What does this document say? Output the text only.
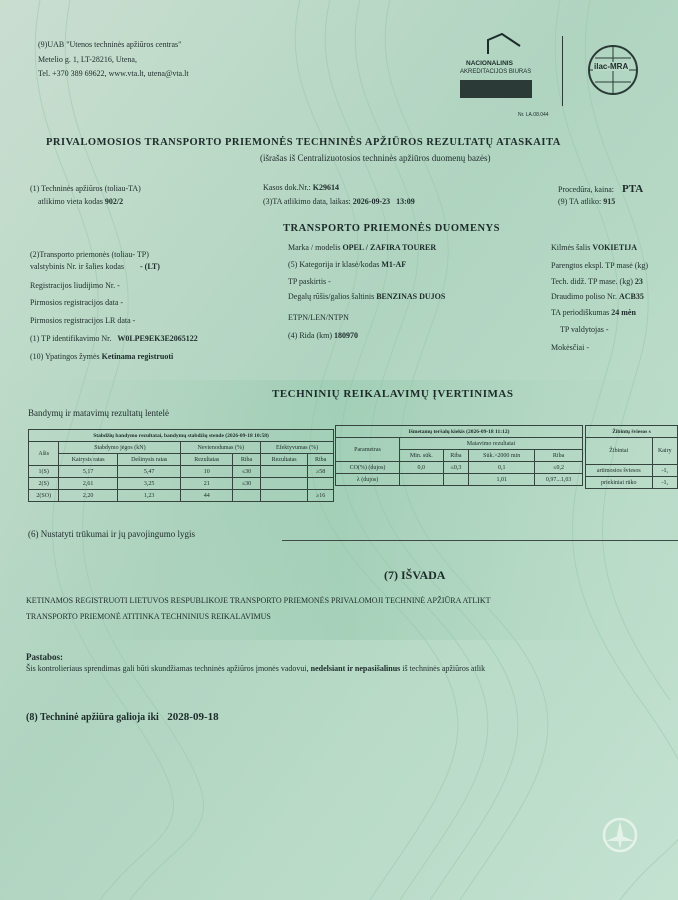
(9)UAB "Utenos techninės apžiūros centras"
Metelio g. 1, LT-28216, Utena,
Tel. +370 389 69622, www.vta.lt, utena@vta.lt
NACIONALINIS
AKREDITACIJOS BIURAS
Nr. LA.08.044
ilac-MRA
PRIVALOMOSIOS TRANSPORTO PRIEMONĖS TECHNINĖS APŽIŪROS REZULTATŲ ATASKAITA
(išrašas iš Centralizuotosios techninės apžiūros duomenų bazės)
(1) Techninės apžiūros (toliau-TA)
atlikimo vieta kodas 902/2
Kasos dok.Nr.: K29614
(3)TA atlikimo data, laikas: 2026-09-23 13:09
Procedūra, kaina: PTA
(9) TA atliko: 915
TRANSPORTO PRIEMONĖS DUOMENYS
(2)Transporto priemonės (toliau- TP)
valstybinis Nr. ir šalies kodas - (LT)
Registracijos liudijimo Nr. -
Pirmosios registracijos data -
Pirmosios registracijos LR data -
(1) TP identifikavimo Nr. W0LPE9EK3E2065122
(10) Ypatingos žymės Ketinama registruoti
Marka / modelis OPEL / ZAFIRA TOURER
(5) Kategorija ir klasė/kodas M1-AF
TP paskirtis -
Degalų rūšis/galios šaltinis BENZINAS DUJOS
ETPN/LEN/NTPN
(4) Rida (km) 180970
Kilmės šalis VOKIETIJA
Parengtos ekspl. TP masė (kg)
Tech. didž. TP mase. (kg) 23
Draudimo polisо Nr. ACB35
TA periodiškumas 24 mėn
TP valdytojas -
Mokėsčiai -
TECHNINIŲ REIKALAVIMŲ ĮVERTINIMAS
Bandymų ir matavimų rezultatų lentelė
Stabdžių bandymo rezultatai, bandymų stabdžių stende (2026-09-18 10:58)						
Ašis	Stabdymo jėgos (kN)		Nevienodumas (%)		Efektyvumas (%)	
	Kairysis ratas	Dešinysis ratas	Rezultatas	Riba	Rezultatas	Riba
1(S)	5,17	5,47	10	≤30		≥58
2(S)	2,61	3,25	21	≤30		
2(SO)	2,20	1,23	44			≥16
Išmetamų teršalų kiekis (2026-09-18 11:12)				
Parametras	Matavimo rezultatai			
	Min. sūk.	Riba	Sūk.>2000 min	Riba
CO(%) (dujos)	0,0	≤0,3	0,1	≤0,2
λ (dujos)			1,01	0,97...1,03
Žibintų šviesos s	
Žibintai	Kairy
artimosios šviesos	-1,
priekiniai rūko	-1,
(6) Nustatyti trūkumai ir jų pavojingumo lygis
(7) IŠVADA
KETINAMOS REGISTRUOTI LIETUVOS RESPUBLIKOJE TRANSPORTO PRIEMONĖS PRIVALOMOJI TECHNINĖ APŽIŪRA ATLIKT
TRANSPORTO PRIEMONĖ ATITINKA TECHNINIUS REIKALAVIMUS
Pastabos:
Šis kontrolieriaus sprendimas gali būti skundžiamas techninės apžiūros įmonės vadovui, nedelsiant ir nepasišalinus iš techninės apžiūros atlik
(8) Techninė apžiūra galioja iki 2028-09-18
